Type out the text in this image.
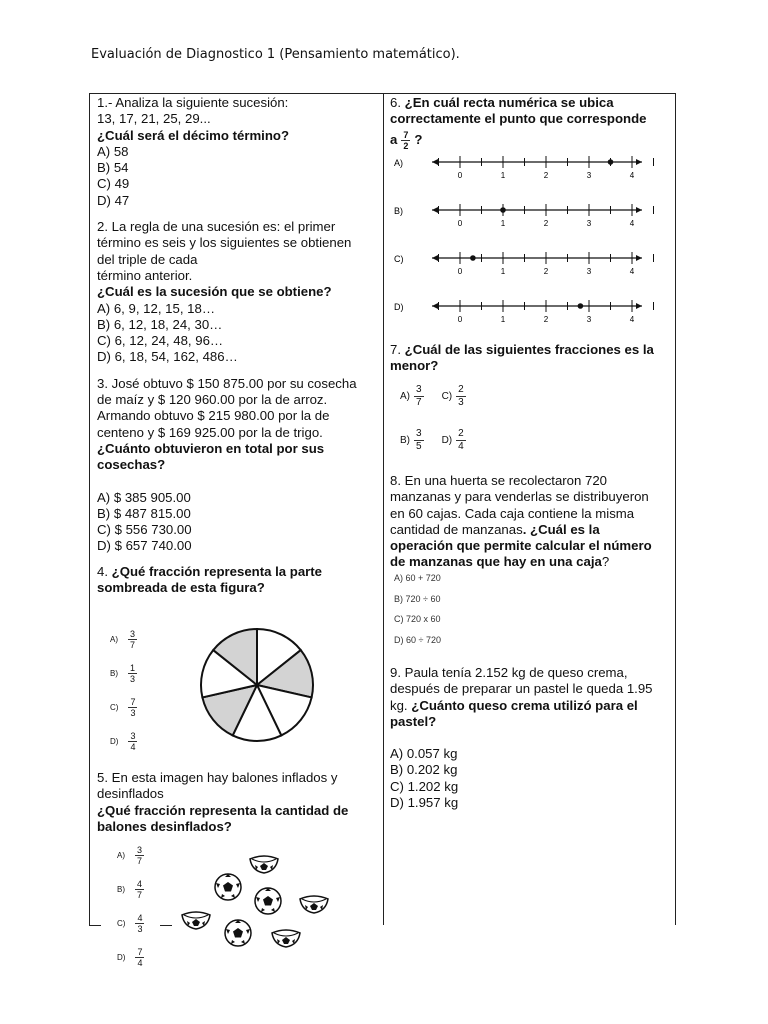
Evaluación de Diagnostico 1 (Pensamiento matemático).

1.- Analiza la siguiente sucesión:

13, 17, 21, 25, 29...

¿Cuál será el décimo término?

A) 58

B) 54

C) 49

D) 47

2. La regla de una sucesión es: el primer

término es seis y los siguientes se obtienen

del triple de cada

término anterior.

¿Cuál es la sucesión que se obtiene?

A) 6, 9, 12, 15, 18…

B) 6, 12, 18, 24, 30…

C) 6, 12, 24, 48, 96…

D) 6, 18, 54, 162, 486…

3. José obtuvo $ 150 875.00 por su cosecha

de maíz y $ 120 960.00 por la de arroz.

Armando obtuvo $ 215 980.00 por la de

centeno y $ 169 925.00 por la de trigo.

¿Cuánto obtuvieron en total por sus

cosechas?

A) $ 385 905.00

B) $ 487 815.00

C) $ 556 730.00

D) $ 657 740.00

4. ¿Qué fracción representa la parte

sombreada de esta figura?

$A) \frac{3}{7}$
$B) \frac{1}{3}$
$C) \frac{7}{3}$
$D) \frac{3}{4}$

5. En esta imagen hay balones inflados y

desinflados

¿Qué fracción representa la cantidad de

balones desinflados?

$A) \frac{3}{7}$
$B) \frac{4}{7}$
$C) \frac{4}{3}$
$D) \frac{7}{4}$

6. ¿En cuál recta numérica se ubica

correctamente el punto que corresponde

a $\frac{7}{2}$ ?

A)
0	1	2	3	4
B)
0	1	2	3	4
C)
0	1	2	3	4
D)
0	1	2	3	4

7. ¿Cuál de las siguientes fracciones es la

menor?

$A) \frac{3}{7} C) \frac{2}{3}$
$B) \frac{3}{5} D) \frac{2}{4}$

8. En una huerta se recolectaron 720

manzanas y para venderlas se distribuyeron

en 60 cajas. Cada caja contiene la misma

cantidad de manzanas. ¿Cuál es la

operación que permite calcular el número

de manzanas que hay en una caja?

A) 60 + 720
B) 720 ÷ 60
C) 720 x 60
D) 60 ÷ 720

9. Paula tenía 2.152 kg de queso crema,

después de preparar un pastel le queda 1.95

kg. ¿Cuánto queso crema utilizó para el

pastel?

A) 0.057 kg

B) 0.202 kg

C) 1.202 kg

D) 1.957 kg
